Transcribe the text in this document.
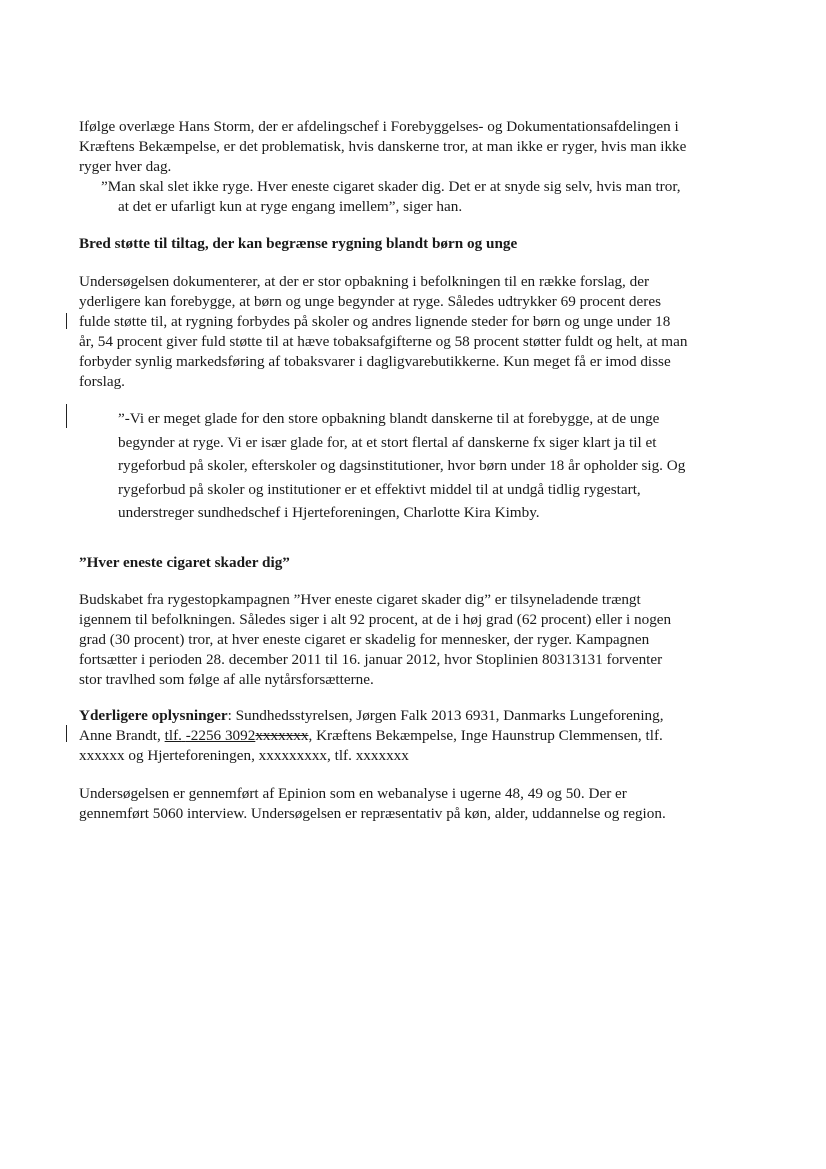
Ifølge overlæge Hans Storm, der er afdelingschef i Forebyggelses- og Dokumentationsafdelingen i
Kræftens Bekæmpelse, er det problematisk, hvis danskerne tror, at man ikke er ryger, hvis man ikke
ryger hver dag.
”Man skal slet ikke ryge. Hver eneste cigaret skader dig. Det er at snyde sig selv, hvis man tror,
at det er ufarligt kun at ryge engang imellem”, siger han.
Bred støtte til tiltag, der kan begrænse rygning blandt børn og unge
Undersøgelsen dokumenterer, at der er stor opbakning i befolkningen til en række forslag, der
yderligere kan forebygge, at børn og unge begynder at ryge. Således udtrykker 69 procent deres
fulde støtte til, at rygning forbydes på skoler og andres lignende steder for børn og unge under 18
år, 54 procent giver fuld støtte til at hæve tobaksafgifterne og 58 procent støtter fuldt og helt, at man
forbyder synlig markedsføring af tobaksvarer i dagligvarebutikkerne. Kun meget få er imod disse
forslag.
”-Vi er meget glade for den store opbakning blandt danskerne til at forebygge, at de unge
begynder at ryge. Vi er især glade for, at et stort flertal af danskerne fx siger klart ja til et
rygeforbud på skoler, efterskoler og dagsinstitutioner, hvor børn under 18 år opholder sig. Og
rygeforbud på skoler og institutioner er et effektivt middel til at undgå tidlig rygestart,
understreger sundhedschef i Hjerteforeningen, Charlotte Kira Kimby.
”Hver eneste cigaret skader dig”
Budskabet fra rygestopkampagnen ”Hver eneste cigaret skader dig” er tilsyneladende trængt
igennem til befolkningen. Således siger i alt 92 procent, at de i høj grad (62 procent) eller i nogen
grad (30 procent) tror, at hver eneste cigaret er skadelig for mennesker, der ryger. Kampagnen
fortsætter i perioden 28. december 2011 til 16. januar 2012, hvor Stoplinien 80313131 forventer
stor travlhed som følge af alle nytårsforsætterne.
Yderligere oplysninger: Sundhedsstyrelsen, Jørgen Falk 2013 6931, Danmarks Lungeforening,
Anne Brandt, tlf. -2256 3092xxxxxxx, Kræftens Bekæmpelse, Inge Haunstrup Clemmensen, tlf.
xxxxxx og Hjerteforeningen, xxxxxxxxx, tlf. xxxxxxx
Undersøgelsen er gennemført af Epinion som en webanalyse i ugerne 48, 49 og 50. Der er
gennemført 5060 interview. Undersøgelsen er repræsentativ på køn, alder, uddannelse og region.
